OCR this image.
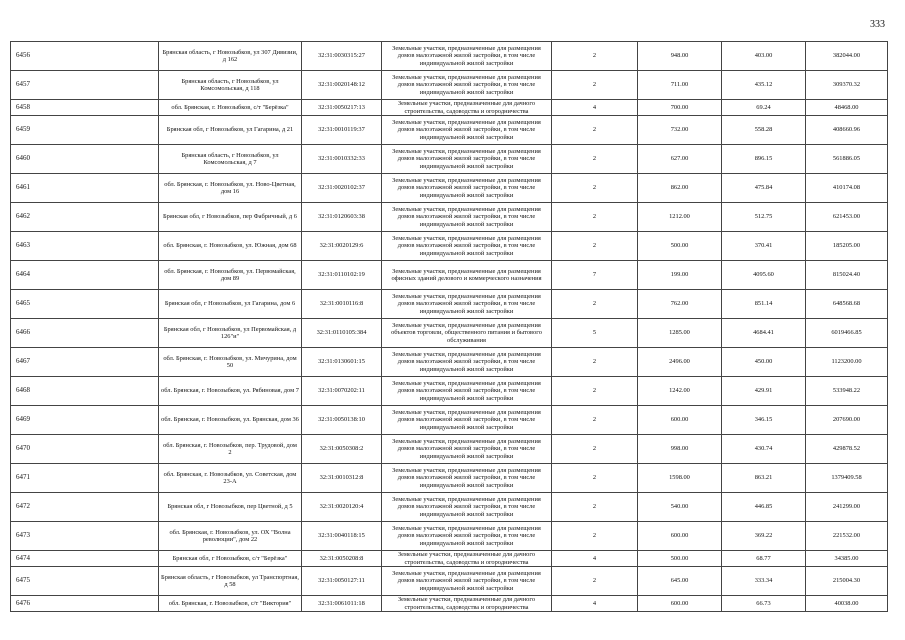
333
6456	Брянская область, г Новозыбков, ул 307 Дивизии, д 162	32:31:0030315:27	Земельные участки, предназначенные для размещения домов малоэтажной жилой застройки, в том числе индивидуальной жилой застройки	2	948.00	403.00	382044.00
6457	Брянская область, г Новозыбков, ул Комсомольская, д 118	32:31:0020148:12	Земельные участки, предназначенные для размещения домов малоэтажной жилой застройки, в том числе индивидуальной жилой застройки	2	711.00	435.12	309370.32
6458	обл. Брянская, г. Новозыбков, с/т "Берёзка"	32:31:0050217:13	Земельные участки, предназначенные для дачного строительства, садоводства и огородничества	4	700.00	69.24	48468.00
6459	Брянская обл, г Новозыбков, ул Гагарина, д 21	32:31:0010119:37	Земельные участки, предназначенные для размещения домов малоэтажной жилой застройки, в том числе индивидуальной жилой застройки	2	732.00	558.28	408660.96
6460	Брянская область, г Новозыбков, ул Комсомольская, д 7	32:31:0010332:33	Земельные участки, предназначенные для размещения домов малоэтажной жилой застройки, в том числе индивидуальной жилой застройки	2	627.00	896.15	561886.05
6461	обл. Брянская, г. Новозыбков, ул. Ново-Цветная, дом 16	32:31:0020102:37	Земельные участки, предназначенные для размещения домов малоэтажной жилой застройки, в том числе индивидуальной жилой застройки	2	862.00	475.84	410174.08
6462	Брянская обл, г Новозыбков, пер Фабричный, д 6	32:31:0120603:38	Земельные участки, предназначенные для размещения домов малоэтажной жилой застройки, в том числе индивидуальной жилой застройки	2	1212.00	512.75	621453.00
6463	обл. Брянская, г. Новозыбков, ул. Южная, дом 68	32:31:0020129:6	Земельные участки, предназначенные для размещения домов малоэтажной жилой застройки, в том числе индивидуальной жилой застройки	2	500.00	370.41	185205.00
6464	обл. Брянская, г. Новозыбков, ул. Первомайская, дом 89	32:31:0110102:19	Земельные участки, предназначенные для размещения офисных зданий делового и коммерческого назначения	7	199.00	4095.60	815024.40
6465	Брянская обл, г Новозыбков, ул Гагарина, дом 6	32:31:0010116:8	Земельные участки, предназначенные для размещения домов малоэтажной жилой застройки, в том числе индивидуальной жилой застройки	2	762.00	851.14	648568.68
6466	Брянская обл, г Новозыбков, ул Первомайская, д 126"и"	32:31:0110105:384	Земельные участки, предназначенные для размещения объектов торговли, общественного питания и бытового обслуживания	5	1285.00	4684.41	6019466.85
6467	обл. Брянская, г. Новозыбков, ул. Мичурина, дом 50	32:31:0130601:15	Земельные участки, предназначенные для размещения домов малоэтажной жилой застройки, в том числе индивидуальной жилой застройки	2	2496.00	450.00	1123200.00
6468	обл. Брянская, г. Новозыбков, ул. Рябиновая, дом 7	32:31:0070202:11	Земельные участки, предназначенные для размещения домов малоэтажной жилой застройки, в том числе индивидуальной жилой застройки	2	1242.00	429.91	533948.22
6469	обл. Брянская, г. Новозыбков, ул. Брянская, дом 36	32:31:0050138:10	Земельные участки, предназначенные для размещения домов малоэтажной жилой застройки, в том числе индивидуальной жилой застройки	2	600.00	346.15	207690.00
6470	обл. Брянская, г. Новозыбков, пер. Трудовой, дом 2	32:31:0050308:2	Земельные участки, предназначенные для размещения домов малоэтажной жилой застройки, в том числе индивидуальной жилой застройки	2	998.00	430.74	429878.52
6471	обл. Брянская, г. Новозыбков, ул. Советская, дом 23-А	32:31:0010312:8	Земельные участки, предназначенные для размещения домов малоэтажной жилой застройки, в том числе индивидуальной жилой застройки	2	1598.00	863.21	1379409.58
6472	Брянская обл, г Новозыбков, пер Цветной, д 5	32:31:0020120:4	Земельные участки, предназначенные для размещения домов малоэтажной жилой застройки, в том числе индивидуальной жилой застройки	2	540.00	446.85	241299.00
6473	обл. Брянская, г. Новозыбков, ул. ОХ "Волна революции", дом 22	32:31:0040118:15	Земельные участки, предназначенные для размещения домов малоэтажной жилой застройки, в том числе индивидуальной жилой застройки	2	600.00	369.22	221532.00
6474	Брянская обл, г Новозыбков, с/т "Берёзка"	32:31:0050208:8	Земельные участки, предназначенные для дачного строительства, садоводства и огородничества	4	500.00	68.77	34385.00
6475	Брянская область, г Новозыбков, ул Транспортная, д 58	32:31:0050127:11	Земельные участки, предназначенные для размещения домов малоэтажной жилой застройки, в том числе индивидуальной жилой застройки	2	645.00	333.34	215004.30
6476	обл. Брянская, г. Новозыбков, с/т "Виктория"	32:31:0061011:18	Земельные участки, предназначенные для дачного строительства, садоводства и огородничества	4	600.00	66.73	40038.00
